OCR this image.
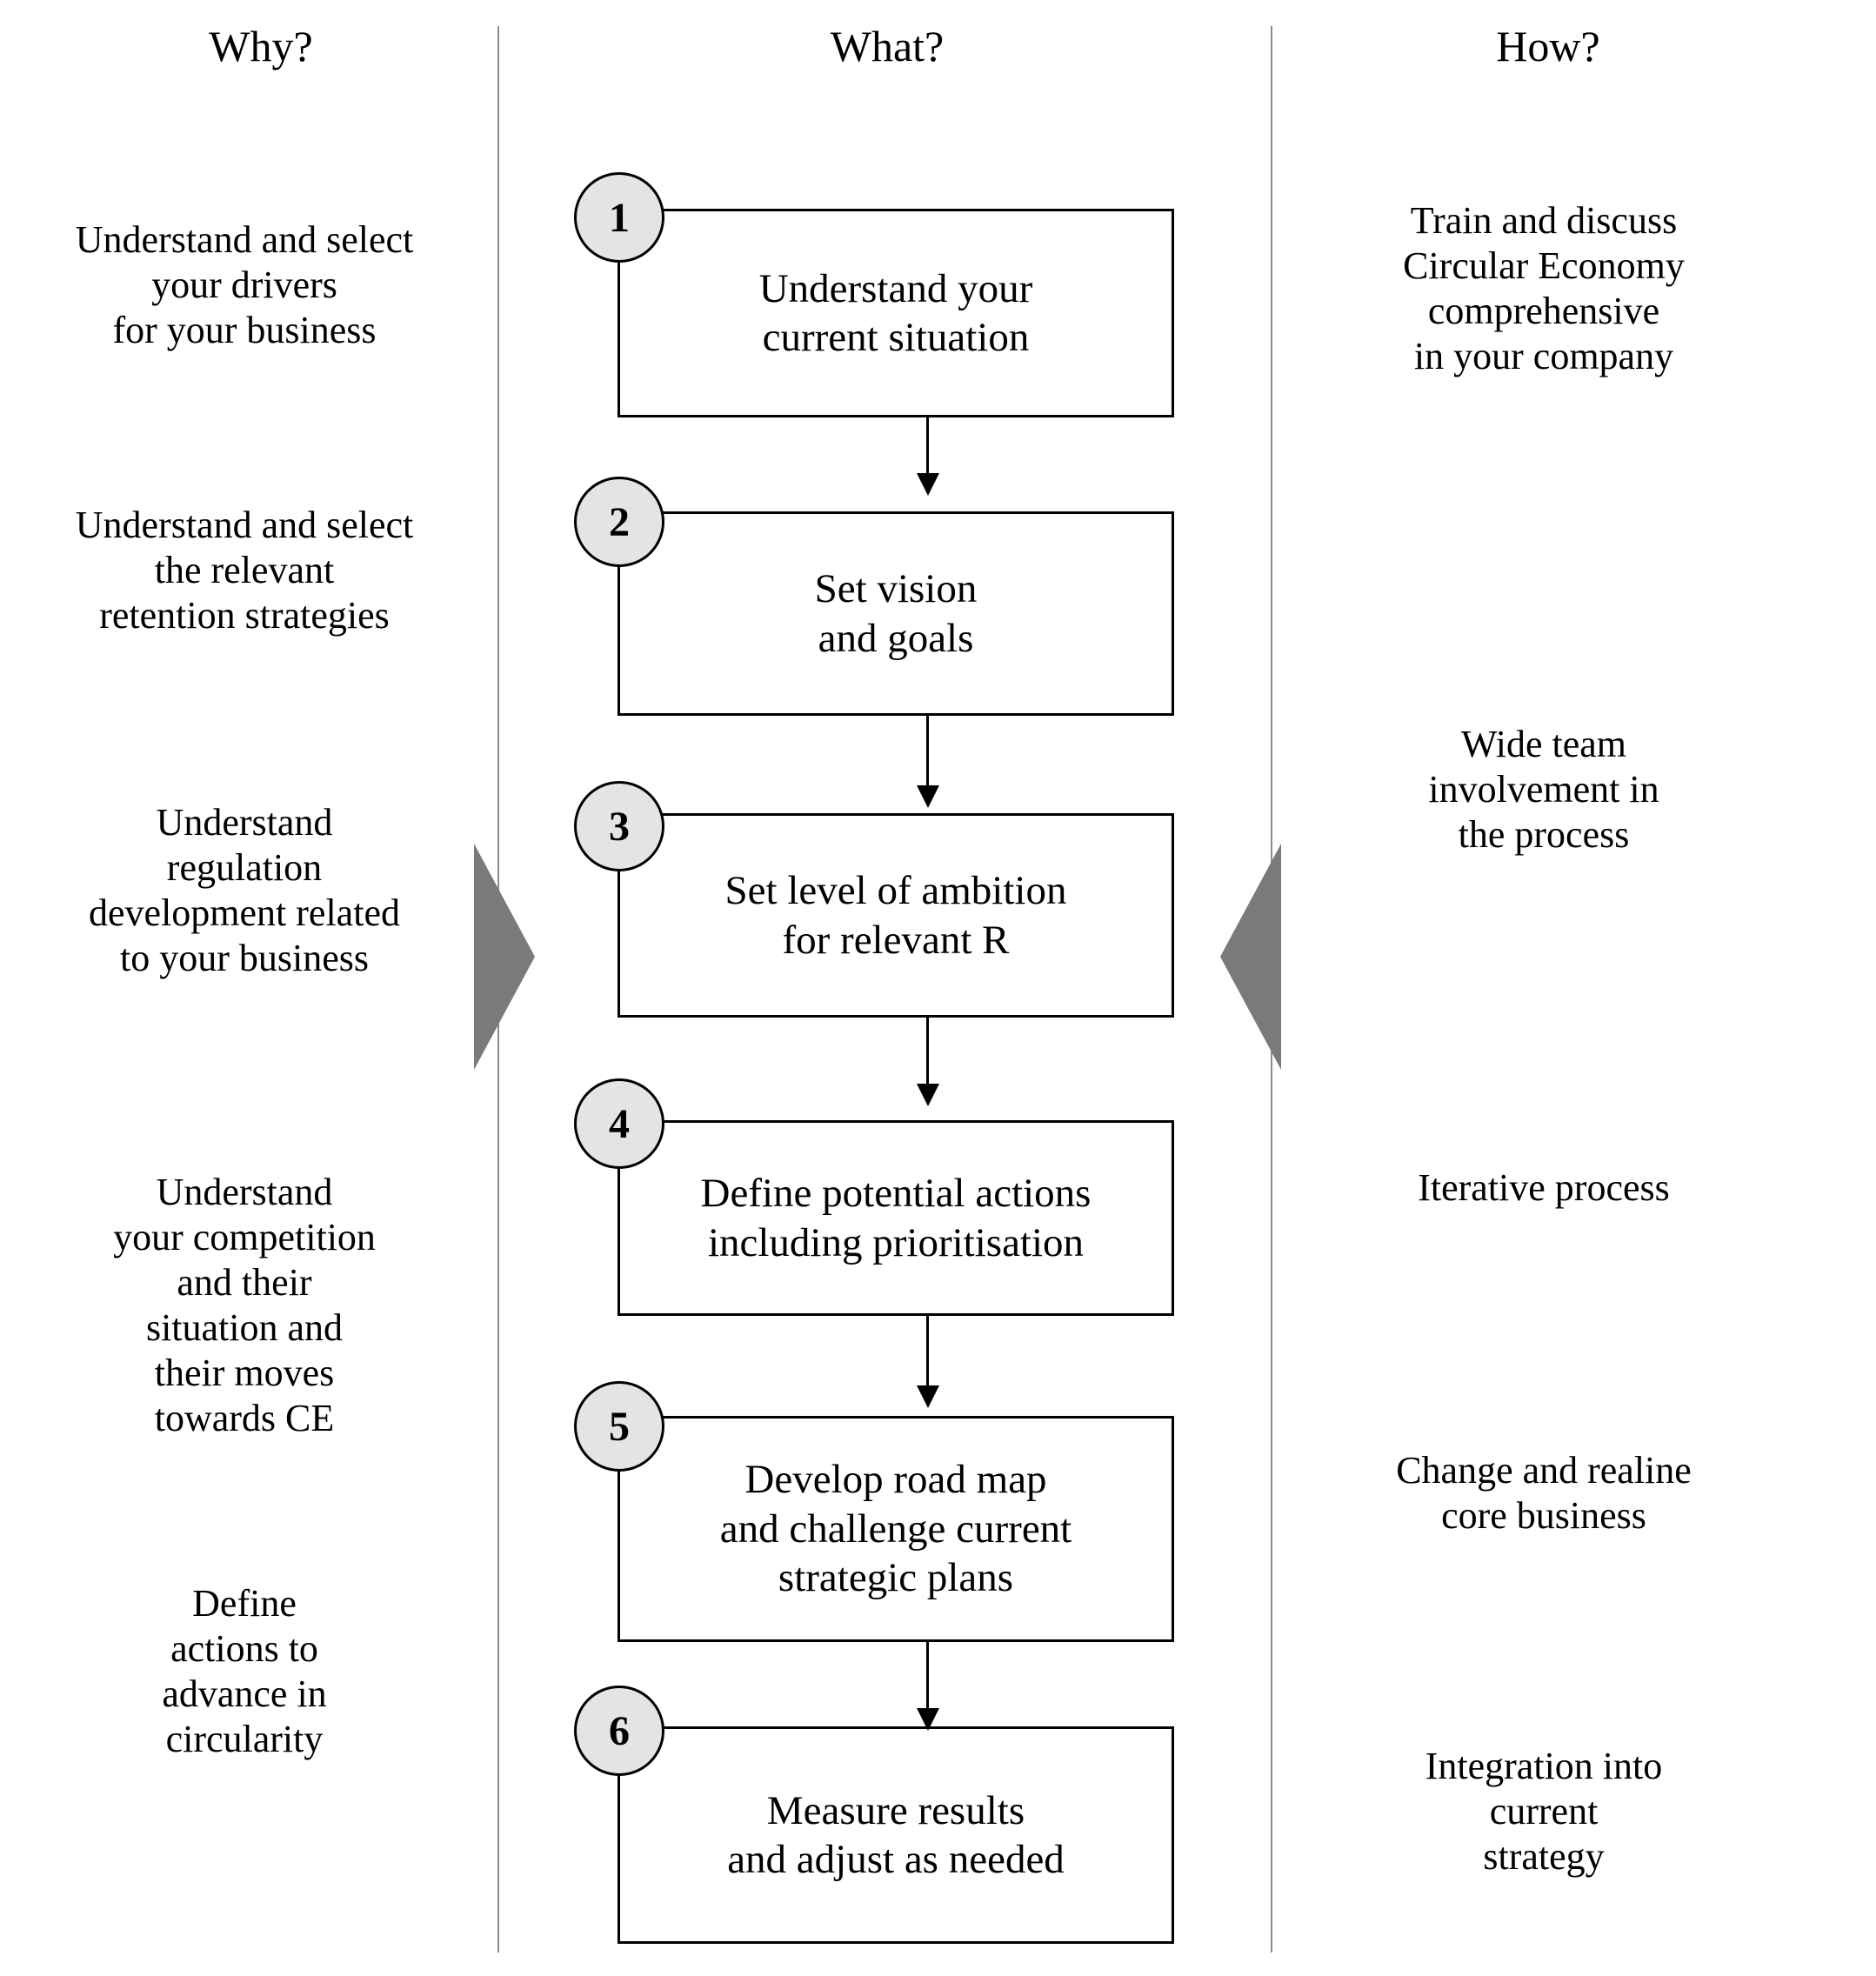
Why?	What?	How?
Understand and select
your drivers
for your business
Understand and select
the relevant
retention strategies
Understand
regulation
development related
to your business
Understand
your competition
and their
situation and
their moves
towards CE
Define
actions to
advance in
circularity
Train and discuss
Circular Economy
comprehensive
in your company
Wide team
involvement in
the process
Iterative process
Change and realine
core business
Integration into
current
strategy
Understand your
current situation
1
Set vision
and goals
2
Set level of ambition
for relevant R
3
Define potential actions
including prioritisation
4
Develop road map
and challenge current
strategic plans
5
Measure results
and adjust as needed
6
